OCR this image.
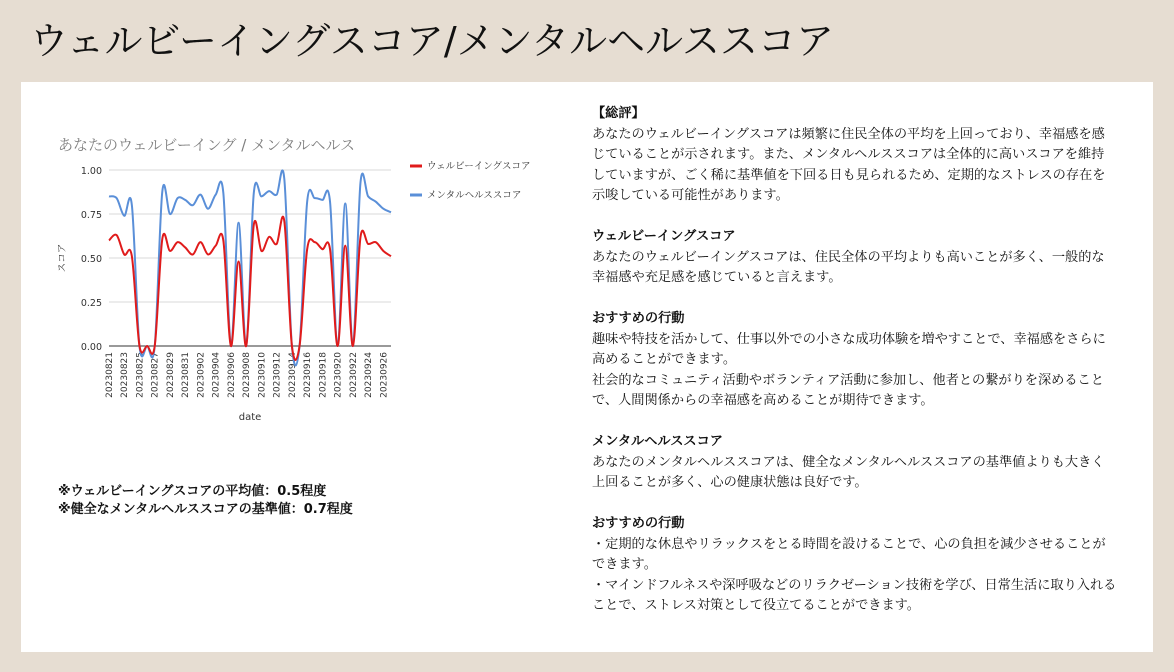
ウェルビーイングスコア/メンタルヘルススコア
あなたのウェルビーイング / メンタルヘルス
1.00
0.75
0.50
0.25
0.00
スコア
20230821 20230823 20230825 20230827 20230829 20230831 20230902 20230904 20230906 20230908 20230910 20230912 20230914 20230916 20230918 20230920 20230922 20230924 20230926
date
ウェルビーイングスコア
メンタルヘルススコア
※ウェルビーイングスコアの平均値：0.5程度
※健全なメンタルヘルススコアの基準値：0.7程度

【総評】

あなたのウェルビーイングスコアは頻繁に住民全体の平均を上回っており、幸福感を感じていることが示されます。また、メンタルヘルススコアは全体的に高いスコアを維持していますが、ごく稀に基準値を下回る日も見られるため、定期的なストレスの存在を示唆している可能性があります。

ウェルビーイングスコア

あなたのウェルビーイングスコアは、住民全体の平均よりも高いことが多く、一般的な幸福感や充足感を感じていると言えます。

おすすめの行動

趣味や特技を活かして、仕事以外での小さな成功体験を増やすことで、幸福感をさらに高めることができます。

社会的なコミュニティ活動やボランティア活動に参加し、他者との繋がりを深めることで、人間関係からの幸福感を高めることが期待できます。

メンタルヘルススコア

あなたのメンタルヘルススコアは、健全なメンタルヘルススコアの基準値よりも大きく上回ることが多く、心の健康状態は良好です。

おすすめの行動

・定期的な休息やリラックスをとる時間を設けることで、心の負担を減少させることができます。

・マインドフルネスや深呼吸などのリラクゼーション技術を学び、日常生活に取り入れることで、ストレス対策として役立てることができます。
